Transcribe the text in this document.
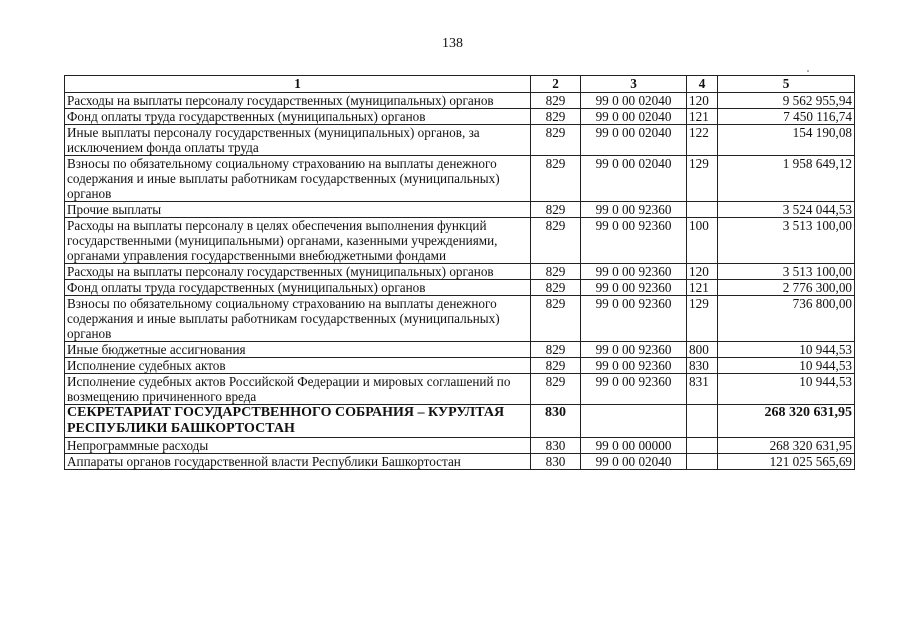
138
1	2	3	4	5
Расходы на выплаты персоналу государственных (муниципальных) органов	829	99 0 00 02040	120	9 562 955,94
Фонд оплаты труда государственных (муниципальных) органов	829	99 0 00 02040	121	7 450 116,74
Иные выплаты персоналу государственных (муниципальных) органов, за исключением фонда оплаты труда	829	99 0 00 02040	122	154 190,08
Взносы по обязательному социальному страхованию на выплаты денежного содержания и иные выплаты работникам государственных (муниципальных) органов	829	99 0 00 02040	129	1 958 649,12
Прочие выплаты	829	99 0 00 92360		3 524 044,53
Расходы на выплаты персоналу в целях обеспечения выполнения функций государственными (муниципальными) органами, казенными учреждениями, органами управления государственными внебюджетными фондами	829	99 0 00 92360	100	3 513 100,00
Расходы на выплаты персоналу государственных (муниципальных) органов	829	99 0 00 92360	120	3 513 100,00
Фонд оплаты труда государственных (муниципальных) органов	829	99 0 00 92360	121	2 776 300,00
Взносы по обязательному социальному страхованию на выплаты денежного содержания и иные выплаты работникам государственных (муниципальных) органов	829	99 0 00 92360	129	736 800,00
Иные бюджетные ассигнования	829	99 0 00 92360	800	10 944,53
Исполнение судебных актов	829	99 0 00 92360	830	10 944,53
Исполнение судебных актов Российской Федерации и мировых соглашений по возмещению причиненного вреда	829	99 0 00 92360	831	10 944,53
СЕКРЕТАРИАТ ГОСУДАРСТВЕННОГО СОБРАНИЯ – КУРУЛТАЯ РЕСПУБЛИКИ БАШКОРТОСТАН	830			268 320 631,95
Непрограммные расходы	830	99 0 00 00000		268 320 631,95
Аппараты органов государственной власти Республики Башкортостан	830	99 0 00 02040		121 025 565,69
